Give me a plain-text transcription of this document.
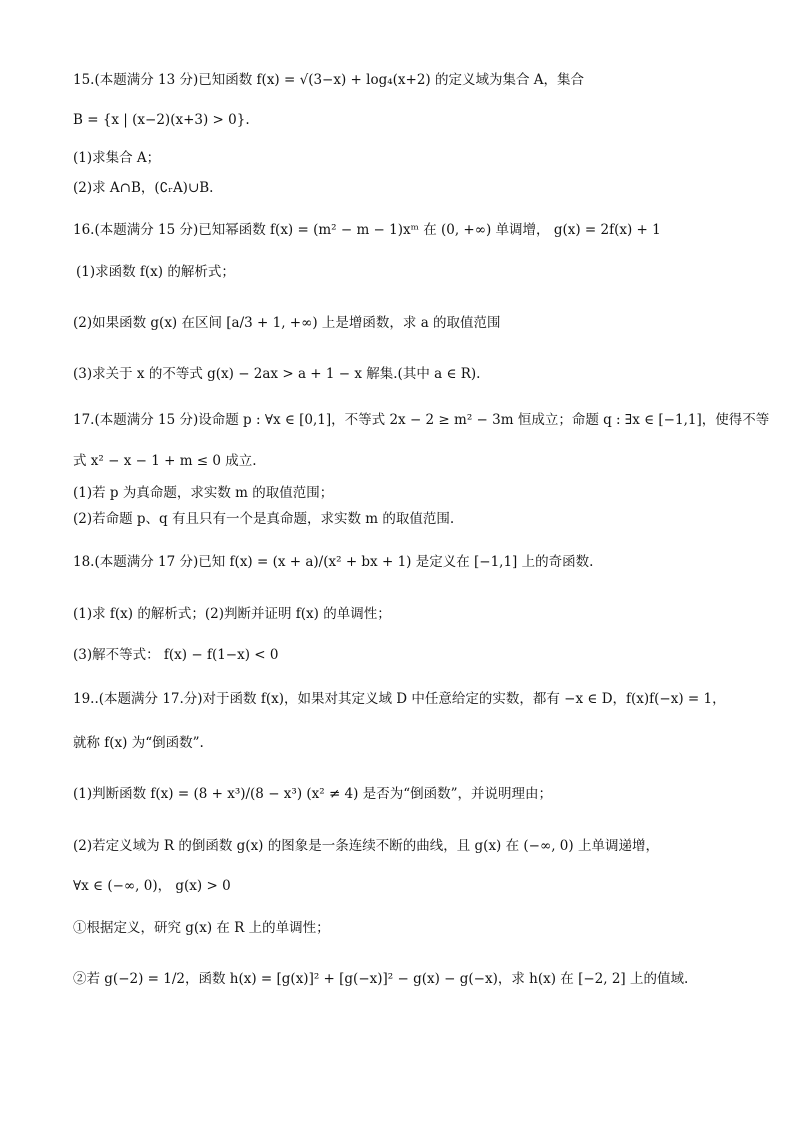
15.(本题满分 13 分)已知函数 f(x) = √(3−x) + log₄(x+2) 的定义域为集合 A，集合
B = {x | (x−2)(x+3) > 0}.
(1)求集合 A；
(2)求 A∩B，(∁ᵣA)∪B.
16.(本题满分 15 分)已知幂函数 f(x) = (m² − m − 1)xᵐ 在 (0, +∞) 单调增， g(x) = 2f(x) + 1
(1)求函数 f(x) 的解析式；
(2)如果函数 g(x) 在区间 [a/3 + 1, +∞) 上是增函数，求 a 的取值范围
(3)求关于 x 的不等式 g(x) − 2ax > a + 1 − x 解集.(其中 a ∈ R).
17.(本题满分 15 分)设命题 p : ∀x ∈ [0,1]，不等式 2x − 2 ≥ m² − 3m 恒成立；命题 q : ∃x ∈ [−1,1]，使得不等
式 x² − x − 1 + m ≤ 0 成立.
(1)若 p 为真命题，求实数 m 的取值范围；
(2)若命题 p、q 有且只有一个是真命题，求实数 m 的取值范围.
18.(本题满分 17 分)已知 f(x) = (x + a)/(x² + bx + 1) 是定义在 [−1,1] 上的奇函数.
(1)求 f(x) 的解析式；(2)判断并证明 f(x) 的单调性；
(3)解不等式： f(x) − f(1−x) < 0
19..(本题满分 17.分)对于函数 f(x)，如果对其定义域 D 中任意给定的实数，都有 −x ∈ D，f(x)f(−x) = 1，
就称 f(x) 为“倒函数”.
(1)判断函数 f(x) = (8 + x³)/(8 − x³) (x² ≠ 4) 是否为“倒函数”，并说明理由；
(2)若定义域为 R 的倒函数 g(x) 的图象是一条连续不断的曲线，且 g(x) 在 (−∞, 0) 上单调递增，
∀x ∈ (−∞, 0)， g(x) > 0
①根据定义，研究 g(x) 在 R 上的单调性；
②若 g(−2) = 1/2，函数 h(x) = [g(x)]² + [g(−x)]² − g(x) − g(−x)，求 h(x) 在 [−2, 2] 上的值域.
